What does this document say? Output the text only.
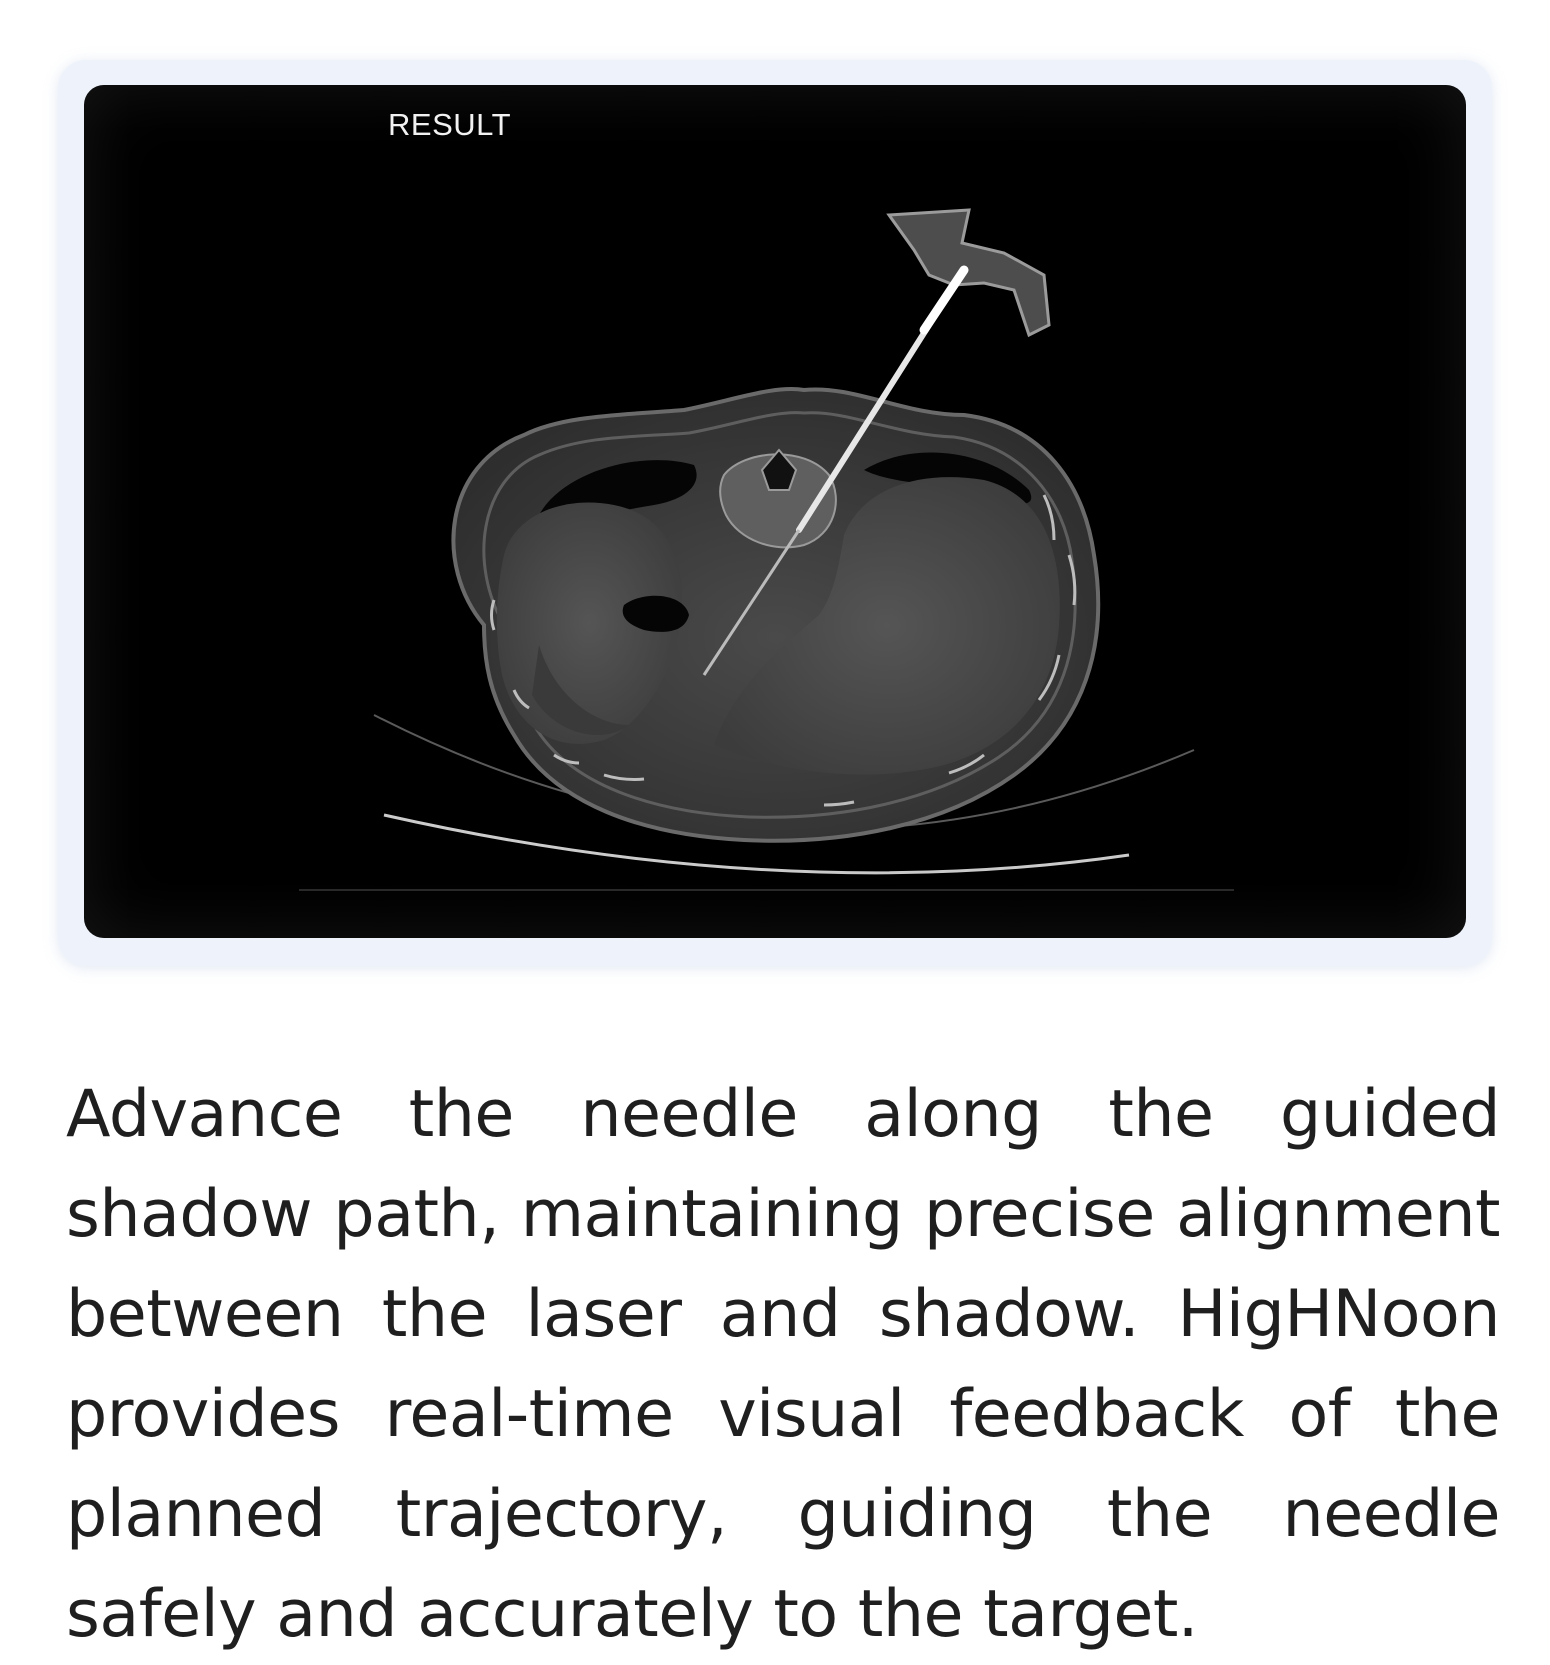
RESULT

Advance the needle along the guided shadow path, maintaining precise alignment between the laser and shadow. HigHNoon provides real-time visual feedback of the planned trajectory, guiding the needle safely and accurately to the target.
